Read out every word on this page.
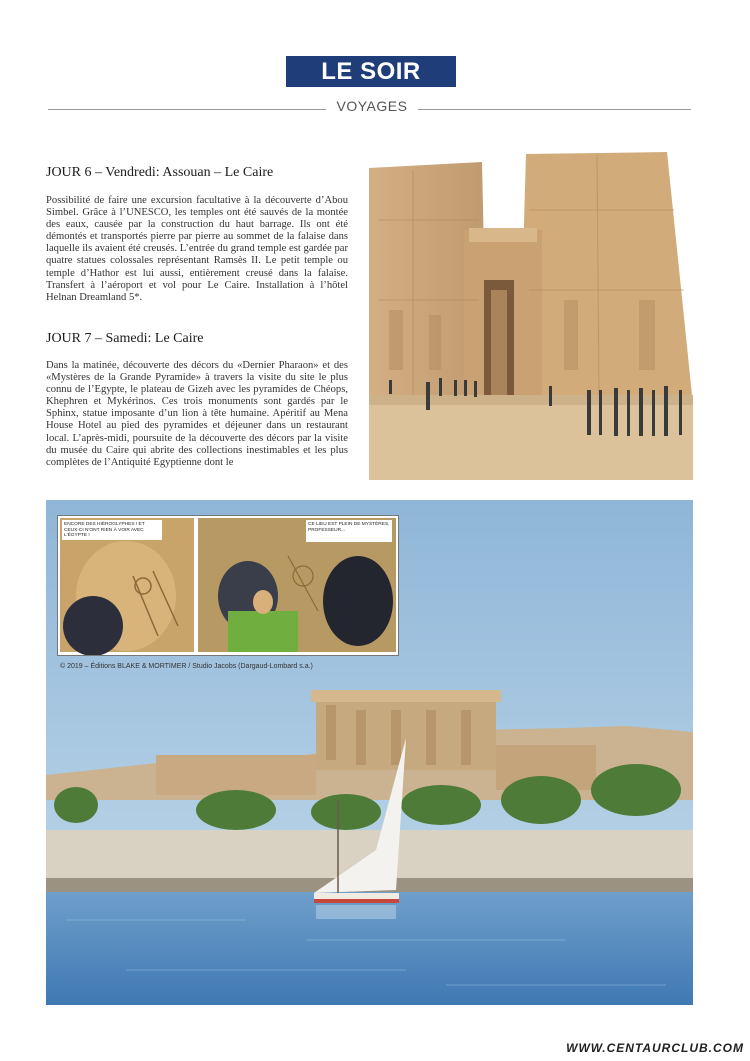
LE SOIR
VOYAGES
JOUR 6 – Vendredi: Assouan – Le Caire

Possibilité de faire une excursion facultative à la découverte d’Abou Simbel. Grâce à l’UNESCO, les temples ont été sauvés de la montée des eaux, causée par la construction du haut barrage. Ils ont été démontés et transportés pierre par pierre au sommet de la falaise dans laquelle ils avaient été creusés. L’entrée du grand temple est gardée par quatre statues colossales représentant Ramsès II. Le petit temple ou temple d’Hathor est lui aussi, entièrement creusé dans la falaise. Transfert à l’aéroport et vol pour Le Caire. Installation à l’hôtel Helnan Dreamland 5*.

JOUR 7 – Samedi: Le Caire

Dans la matinée, découverte des décors du «Dernier Pharaon» et des «Mystères de la Grande Pyramide» à travers la visite du site le plus connu de l’Egypte, le plateau de Gizeh avec les pyramides de Chéops, Khephren et Mykérinos. Ces trois monuments sont gardés par le Sphinx, statue imposante d’un lion à tête humaine. Apéritif au Mena House Hotel au pied des pyramides et déjeuner dans un restaurant local. L’après-midi, poursuite de la découverte des décors par la visite du musée du Caire qui abrite des collections inestimables et les plus complètes de l’Antiquité Egyptienne dont le

ENCORE DES HIÉROGLYPHES ! ET CEUX-CI N'ONT RIEN À VOIR AVEC L'ÉGYPTE !
CE LIEU EST PLEIN DE MYSTÈRES, PROFESSEUR...
© 2019 – Éditions BLAKE & MORTIMER / Studio Jacobs (Dargaud-Lombard s.a.)
WWW.CENTAURCLUB.COM
